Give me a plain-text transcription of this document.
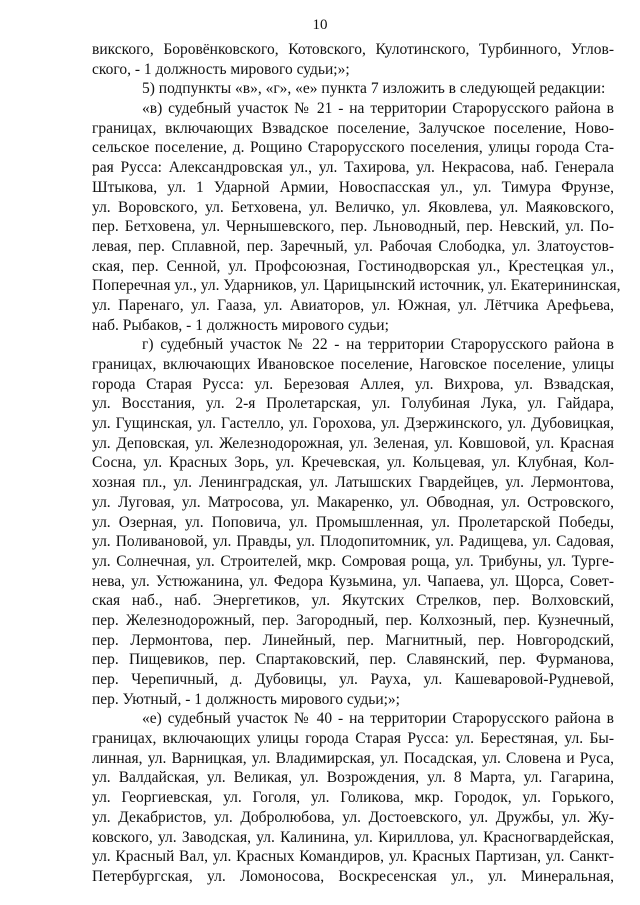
10
викского, Боровёнковского, Котовского, Кулотинского, Турбинного, Углов-
ского, - 1 должность мирового судьи;»;
5) подпункты «в», «г», «е» пункта 7 изложить в следующей редакции:
«в) судебный участок № 21 - на территории Старорусского района в
границах, включающих Взвадское поселение, Залучское поселение, Ново-
сельское поселение, д. Рощино Старорусского поселения, улицы города Ста-
рая Русса: Александровская ул., ул. Тахирова, ул. Некрасова, наб. Генерала
Штыкова, ул. 1 Ударной Армии, Новоспасская ул., ул. Тимура Фрунзе,
ул. Воровского, ул. Бетховена, ул. Величко, ул. Яковлева, ул. Маяковского,
пер. Бетховена, ул. Чернышевского, пер. Льноводный, пер. Невский, ул. По-
левая, пер. Сплавной, пер. Заречный, ул. Рабочая Слободка, ул. Златоустов-
ская, пер. Сенной, ул. Профсоюзная, Гостинодворская ул., Крестецкая ул.,
Поперечная ул., ул. Ударников, ул. Царицынский источник, ул. Екатерининская,
ул. Паренаго, ул. Гааза, ул. Авиаторов, ул. Южная, ул. Лётчика Арефьева,
наб. Рыбаков, - 1 должность мирового судьи;
г) судебный участок № 22 - на территории Старорусского района в
границах, включающих Ивановское поселение, Наговское поселение, улицы
города Старая Русса: ул. Березовая Аллея, ул. Вихрова, ул. Взвадская,
ул. Восстания, ул. 2-я Пролетарская, ул. Голубиная Лука, ул. Гайдара,
ул. Гущинская, ул. Гастелло, ул. Горохова, ул. Дзержинского, ул. Дубовицкая,
ул. Деповская, ул. Железнодорожная, ул. Зеленая, ул. Ковшовой, ул. Красная
Сосна, ул. Красных Зорь, ул. Кречевская, ул. Кольцевая, ул. Клубная, Кол-
хозная пл., ул. Ленинградская, ул. Латышских Гвардейцев, ул. Лермонтова,
ул. Луговая, ул. Матросова, ул. Макаренко, ул. Обводная, ул. Островского,
ул. Озерная, ул. Поповича, ул. Промышленная, ул. Пролетарской Победы,
ул. Поливановой, ул. Правды, ул. Плодопитомник, ул. Радищева, ул. Садовая,
ул. Солнечная, ул. Строителей, мкр. Сомровая роща, ул. Трибуны, ул. Турге-
нева, ул. Устюжанина, ул. Федора Кузьмина, ул. Чапаева, ул. Щорса, Совет-
ская наб., наб. Энергетиков, ул. Якутских Стрелков, пер. Волховский,
пер. Железнодорожный, пер. Загородный, пер. Колхозный, пер. Кузнечный,
пер. Лермонтова, пер. Линейный, пер. Магнитный, пер. Новгородский,
пер. Пищевиков, пер. Спартаковский, пер. Славянский, пер. Фурманова,
пер. Черепичный, д. Дубовицы, ул. Рауха, ул. Кашеваровой-Рудневой,
пер. Уютный, - 1 должность мирового судьи;»;
«е) судебный участок № 40 - на территории Старорусского района в
границах, включающих улицы города Старая Русса: ул. Берестяная, ул. Бы-
линная, ул. Варницкая, ул. Владимирская, ул. Посадская, ул. Словена и Руса,
ул. Валдайская, ул. Великая, ул. Возрождения, ул. 8 Марта, ул. Гагарина,
ул. Георгиевская, ул. Гоголя, ул. Голикова, мкр. Городок, ул. Горького,
ул. Декабристов, ул. Добролюбова, ул. Достоевского, ул. Дружбы, ул. Жу-
ковского, ул. Заводская, ул. Калинина, ул. Кириллова, ул. Красногвардейская,
ул. Красный Вал, ул. Красных Командиров, ул. Красных Партизан, ул. Санкт-
Петербургская, ул. Ломоносова, Воскресенская ул., ул. Минеральная,
